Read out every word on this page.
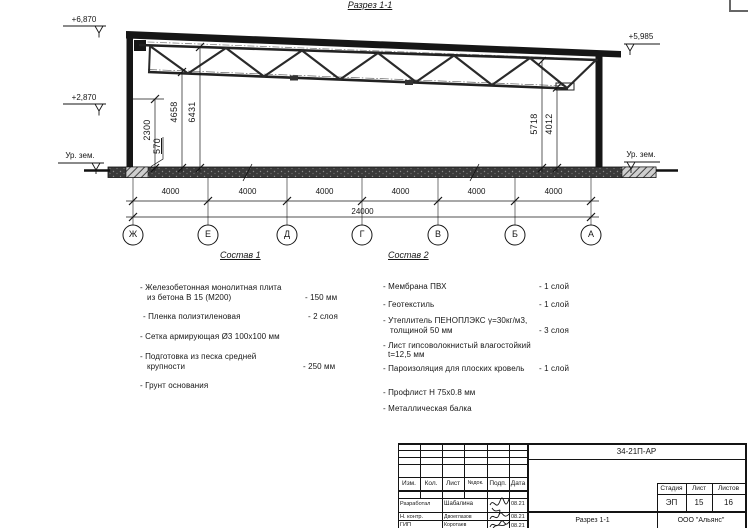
Разрез 1-1
+6,870
+2,870
Ур. зем.
+5,985
Ур. зем.
2300
570
4658 6431
5718 4012
4000	4000	4000	4000	4000	4000
24000
Ж	Е	Д	Г	В	Б	А
Состав 1
- Железобетонная монолитная плита
из бетона В 15 (М200)	- 150 мм
- Пленка полиэтиленовая	- 2 слоя
- Сетка армирующая Ø3 100х100 мм
- Подготовка из песка средней
крупности	- 250 мм
- Грунт основания
Состав 2
- Мембрана ПВХ	- 1 слой
- Геотекстиль	- 1 слой
- Утеплитель ПЕНОПЛЭКС γ=30кг/м3,
толщиной 50 мм	- 3 слоя
- Лист гипсоволокнистый влагостойкий
t=12,5 мм
- Пароизоляция для плоских кровель - 1 слой
- Профлист Н 75х0.8 мм
- Металлическая балка
34-21П-АР
Изм.	Кол.	Лист	№док. Подп. Дата
Разработал Шабалина	08.21
Н. контр.	Двоеглазов	08.21
ГИП	Коротаев	08.21
Стадия	Лист	Листов
ЭП	15	16
Разрез 1-1	ООО "Альянс"
